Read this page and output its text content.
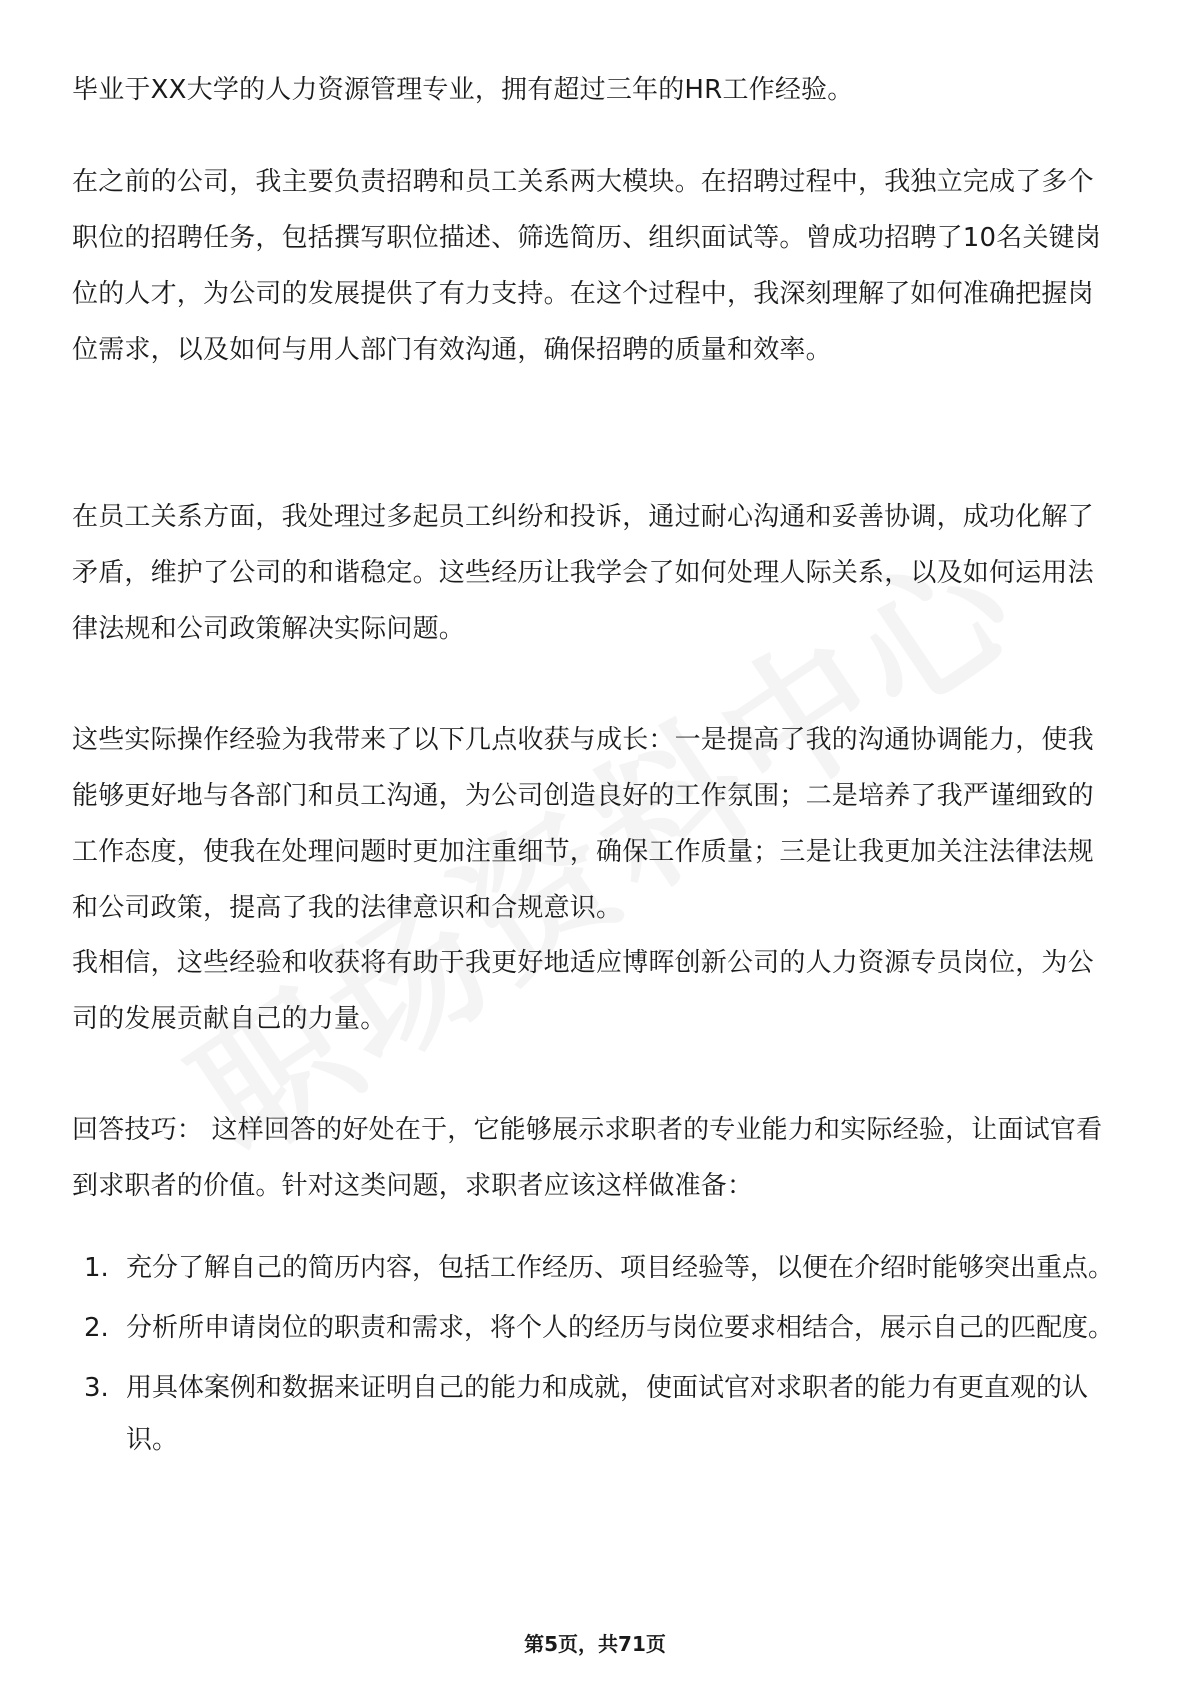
毕业于XX大学的人力资源管理专业，拥有超过三年的HR工作经验。

在之前的公司，我主要负责招聘和员工关系两大模块。在招聘过程中，我独立完成了多个职位的招聘任务，包括撰写职位描述、筛选简历、组织面试等。曾成功招聘了10名关键岗位的人才，为公司的发展提供了有力支持。在这个过程中，我深刻理解了如何准确把握岗位需求，以及如何与用人部门有效沟通，确保招聘的质量和效率。

在员工关系方面，我处理过多起员工纠纷和投诉，通过耐心沟通和妥善协调，成功化解了矛盾，维护了公司的和谐稳定。这些经历让我学会了如何处理人际关系，以及如何运用法律法规和公司政策解决实际问题。

这些实际操作经验为我带来了以下几点收获与成长：一是提高了我的沟通协调能力，使我能够更好地与各部门和员工沟通，为公司创造良好的工作氛围；二是培养了我严谨细致的工作态度，使我在处理问题时更加注重细节，确保工作质量；三是让我更加关注法律法规和公司政策，提高了我的法律意识和合规意识。

我相信，这些经验和收获将有助于我更好地适应博晖创新公司的人力资源专员岗位，为公司的发展贡献自己的力量。

回答技巧： 这样回答的好处在于，它能够展示求职者的专业能力和实际经验，让面试官看到求职者的价值。针对这类问题，求职者应该这样做准备：

1. 充分了解自己的简历内容，包括工作经历、项目经验等，以便在介绍时能够突出重点。
2. 分析所申请岗位的职责和需求，将个人的经历与岗位要求相结合，展示自己的匹配度。
3. 用具体案例和数据来证明自己的能力和成就，使面试官对求职者的能力有更直观的认识。
第5页，共71页
